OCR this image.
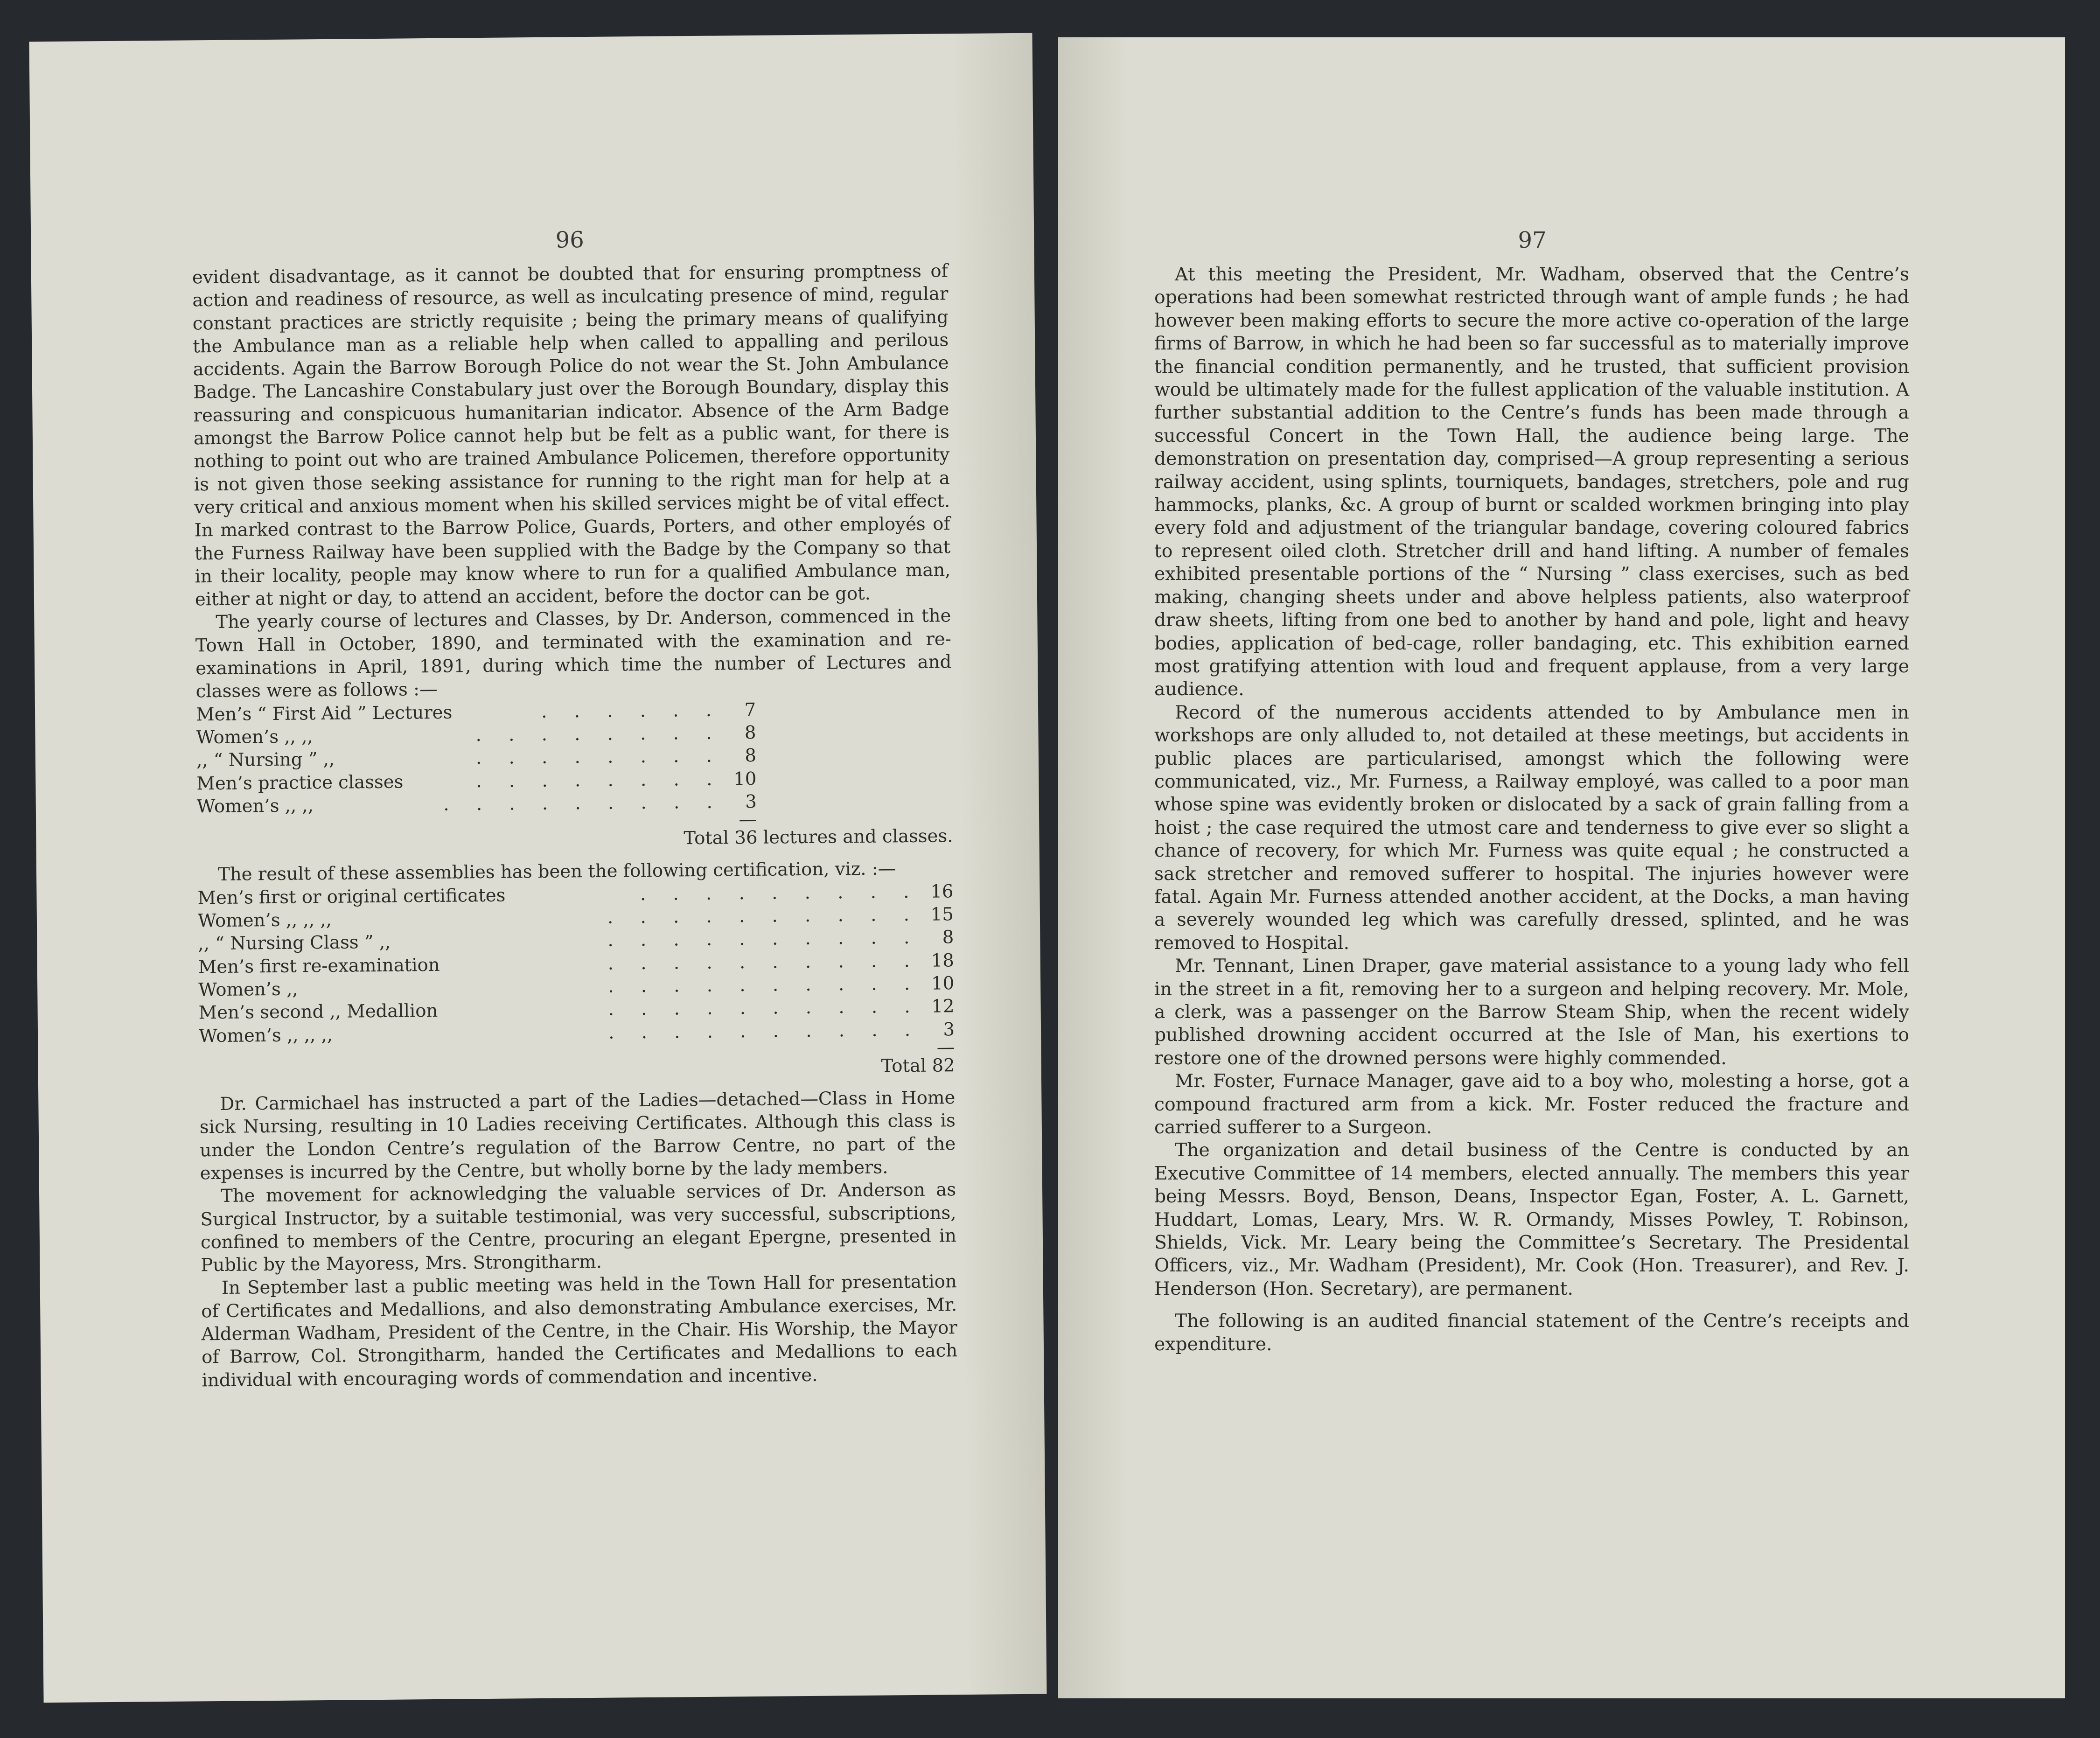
96

evident disadvantage, as it cannot be doubted that for ensuring promptness of action and readiness of resource, as well as inculcating presence of mind, regular constant practices are strictly requisite ; being the primary means of qualifying the Ambulance man as a reliable help when called to appalling and perilous accidents. Again the Barrow Borough Police do not wear the St. John Ambulance Badge. The Lancashire Constabulary just over the Borough Boundary, display this reassuring and conspicuous humanitarian indicator. Absence of the Arm Badge amongst the Barrow Police cannot help but be felt as a public want, for there is nothing to point out who are trained Ambulance Policemen, therefore opportunity is not given those seeking assistance for running to the right man for help at a very critical and anxious moment when his skilled services might be of vital effect. In marked contrast to the Barrow Police, Guards, Porters, and other employés of the Furness Railway have been supplied with the Badge by the Company so that in their locality, people may know where to run for a qualified Ambulance man, either at night or day, to attend an accident, before the doctor can be got.

The yearly course of lectures and Classes, by Dr. Anderson, commenced in the Town Hall in October, 1890, and terminated with the examination and re-examinations in April, 1891, during which time the number of Lectures and classes were as follows :—

Men’s “ First Aid ” Lectures	. . . . . .	7
Women’s ,, ,,	. . . . . . . .	8
,, “ Nursing ” ,,	. . . . . . . .	8
Men’s practice classes	. . . . . . . . 10
Women’s ,, ,,	. . . . . . . . .	3
—
Total 36 lectures and classes.

The result of these assemblies has been the following certification, viz. :—

Men’s first or original certificates	. . . . . . . . . 16
Women’s ,, ,, ,,	. . . . . . . . . . 15
,, “ Nursing Class ” ,,	. . . . . . . . . .	8
Men’s first re-examination	. . . . . . . . . . 18
Women’s ,,	. . . . . . . . . . 10
Men’s second ,, Medallion	. . . . . . . . . . 12
Women’s ,, ,, ,,	. . . . . . . . . .	3
—
Total 82

Dr. Carmichael has instructed a part of the Ladies—detached—Class in Home sick Nursing, resulting in 10 Ladies receiving Certificates. Although this class is under the London Centre’s regulation of the Barrow Centre, no part of the expenses is incurred by the Centre, but wholly borne by the lady members.

The movement for acknowledging the valuable services of Dr. Anderson as Surgical Instructor, by a suitable testimonial, was very successful, subscriptions, confined to members of the Centre, procuring an elegant Epergne, presented in Public by the Mayoress, Mrs. Strongitharm.

In September last a public meeting was held in the Town Hall for presentation of Certificates and Medallions, and also demonstrating Ambulance exercises, Mr. Alderman Wadham, President of the Centre, in the Chair. His Worship, the Mayor of Barrow, Col. Strongitharm, handed the Certificates and Medallions to each individual with encouraging words of commendation and incentive.

97

At this meeting the President, Mr. Wadham, observed that the Centre’s operations had been somewhat restricted through want of ample funds ; he had however been making efforts to secure the more active co-operation of the large firms of Barrow, in which he had been so far successful as to materially improve the financial condition permanently, and he trusted, that sufficient provision would be ultimately made for the fullest application of the valuable institution. A further substantial addition to the Centre’s funds has been made through a successful Concert in the Town Hall, the audience being large. The demonstration on presentation day, comprised—A group representing a serious railway accident, using splints, tourniquets, bandages, stretchers, pole and rug hammocks, planks, &c. A group of burnt or scalded workmen bringing into play every fold and adjustment of the triangular bandage, covering coloured fabrics to represent oiled cloth. Stretcher drill and hand lifting. A number of females exhibited presentable portions of the “ Nursing ” class exercises, such as bed making, changing sheets under and above helpless patients, also waterproof draw sheets, lifting from one bed to another by hand and pole, light and heavy bodies, application of bed-cage, roller bandaging, etc. This exhibition earned most gratifying attention with loud and frequent applause, from a very large audience.

Record of the numerous accidents attended to by Ambulance men in workshops are only alluded to, not detailed at these meetings, but accidents in public places are particularised, amongst which the following were communicated, viz., Mr. Furness, a Railway employé, was called to a poor man whose spine was evidently broken or dislocated by a sack of grain falling from a hoist ; the case required the utmost care and tenderness to give ever so slight a chance of recovery, for which Mr. Furness was quite equal ; he constructed a sack stretcher and removed sufferer to hospital. The injuries however were fatal. Again Mr. Furness attended another accident, at the Docks, a man having a severely wounded leg which was carefully dressed, splinted, and he was removed to Hospital.

Mr. Tennant, Linen Draper, gave material assistance to a young lady who fell in the street in a fit, removing her to a surgeon and helping recovery. Mr. Mole, a clerk, was a passenger on the Barrow Steam Ship, when the recent widely published drowning accident occurred at the Isle of Man, his exertions to restore one of the drowned persons were highly commended.

Mr. Foster, Furnace Manager, gave aid to a boy who, molesting a horse, got a compound fractured arm from a kick. Mr. Foster reduced the fracture and carried sufferer to a Surgeon.

The organization and detail business of the Centre is conducted by an Executive Committee of 14 members, elected annually. The members this year being Messrs. Boyd, Benson, Deans, Inspector Egan, Foster, A. L. Garnett, Huddart, Lomas, Leary, Mrs. W. R. Ormandy, Misses Powley, T. Robinson, Shields, Vick. Mr. Leary being the Committee’s Secretary. The Presidental Officers, viz., Mr. Wadham (President), Mr. Cook (Hon. Treasurer), and Rev. J. Henderson (Hon. Secretary), are permanent.

The following is an audited financial statement of the Centre’s receipts and expenditure.
